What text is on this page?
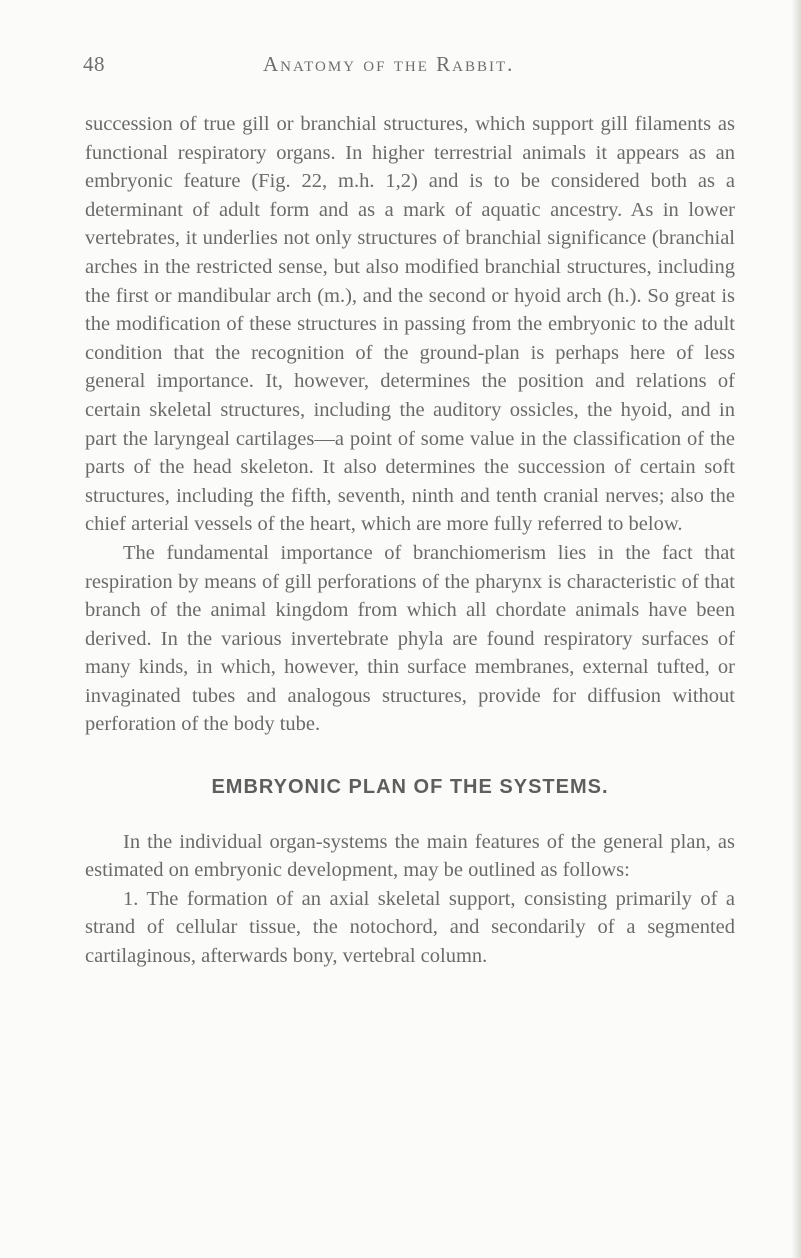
48	Anatomy of the Rabbit.

succession of true gill or branchial structures, which support gill filaments as functional respiratory organs. In higher terrestrial animals it appears as an embryonic feature (Fig. 22, m.h. 1,2) and is to be considered both as a determinant of adult form and as a mark of aquatic ancestry. As in lower vertebrates, it underlies not only structures of branchial significance (branchial arches in the restricted sense, but also modified branchial structures, including the first or mandibular arch (m.), and the second or hyoid arch (h.). So great is the modification of these structures in passing from the embryonic to the adult condition that the recognition of the ground-plan is perhaps here of less general importance. It, however, determines the position and relations of certain skeletal structures, including the auditory ossicles, the hyoid, and in part the laryngeal cartilages—a point of some value in the classification of the parts of the head skeleton. It also determines the succession of certain soft structures, including the fifth, seventh, ninth and tenth cranial nerves; also the chief arterial vessels of the heart, which are more fully referred to below.

The fundamental importance of branchiomerism lies in the fact that respiration by means of gill perforations of the pharynx is characteristic of that branch of the animal kingdom from which all chordate animals have been derived. In the various invertebrate phyla are found respiratory surfaces of many kinds, in which, however, thin surface membranes, external tufted, or invaginated tubes and analogous structures, provide for diffusion without perforation of the body tube.

EMBRYONIC PLAN OF THE SYSTEMS.

In the individual organ-systems the main features of the general plan, as estimated on embryonic development, may be outlined as follows:

1. The formation of an axial skeletal support, consisting primarily of a strand of cellular tissue, the notochord, and secondarily of a segmented cartilaginous, afterwards bony, vertebral column.
